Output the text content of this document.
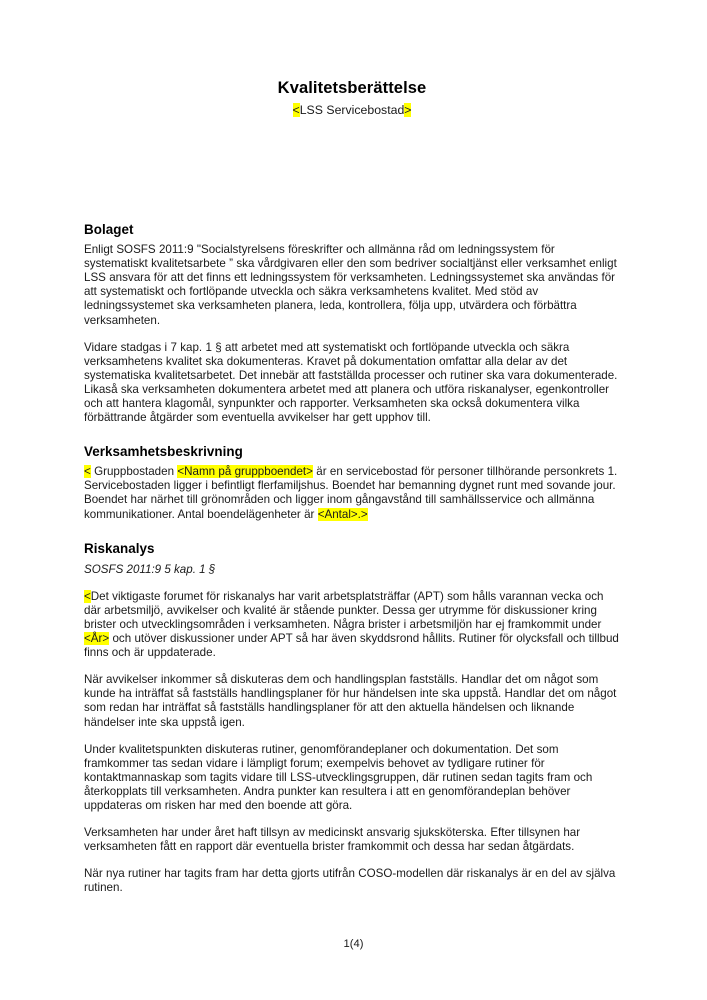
Kvalitetsberättelse
<LSS Servicebostad>
Bolaget

Enligt SOSFS 2011:9 "Socialstyrelsens föreskrifter och allmänna råd om ledningssystem för systematiskt kvalitetsarbete ” ska vårdgivaren eller den som bedriver socialtjänst eller verksamhet enligt LSS ansvara för att det finns ett ledningssystem för verksamheten. Ledningssystemet ska användas för att systematiskt och fortlöpande utveckla och säkra verksamhetens kvalitet. Med stöd av ledningssystemet ska verksamheten planera, leda, kontrollera, följa upp, utvärdera och förbättra verksamheten.

Vidare stadgas i 7 kap. 1 § att arbetet med att systematiskt och fortlöpande utveckla och säkra verksamhetens kvalitet ska dokumenteras. Kravet på dokumentation omfattar alla delar av det systematiska kvalitetsarbetet. Det innebär att fastställda processer och rutiner ska vara dokumenterade. Likaså ska verksamheten dokumentera arbetet med att planera och utföra riskanalyser, egenkontroller och att hantera klagomål, synpunkter och rapporter. Verksamheten ska också dokumentera vilka förbättrande åtgärder som eventuella avvikelser har gett upphov till.

Verksamhetsbeskrivning

< Gruppbostaden <Namn på gruppboendet> är en servicebostad för personer tillhörande personkrets 1. Servicebostaden ligger i befintligt flerfamiljshus. Boendet har bemanning dygnet runt med sovande jour. Boendet har närhet till grönområden och ligger inom gångavstånd till samhällsservice och allmänna kommunikationer. Antal boendelägenheter är <Antal>.>

Riskanalys

SOSFS 2011:9 5 kap. 1 §

<Det viktigaste forumet för riskanalys har varit arbetsplatsträffar (APT) som hålls varannan vecka och där arbetsmiljö, avvikelser och kvalité är stående punkter. Dessa ger utrymme för diskussioner kring brister och utvecklingsområden i verksamheten. Några brister i arbetsmiljön har ej framkommit under <År> och utöver diskussioner under APT så har även skyddsrond hållits. Rutiner för olycksfall och tillbud finns och är uppdaterade.

När avvikelser inkommer så diskuteras dem och handlingsplan fastställs. Handlar det om något som kunde ha inträffat så fastställs handlingsplaner för hur händelsen inte ska uppstå. Handlar det om något som redan har inträffat så fastställs handlingsplaner för att den aktuella händelsen och liknande händelser inte ska uppstå igen.

Under kvalitetspunkten diskuteras rutiner, genomförandeplaner och dokumentation. Det som framkommer tas sedan vidare i lämpligt forum; exempelvis behovet av tydligare rutiner för kontaktmannaskap som tagits vidare till LSS-utvecklingsgruppen, där rutinen sedan tagits fram och återkopplats till verksamheten. Andra punkter kan resultera i att en genomförandeplan behöver uppdateras om risken har med den boende att göra.

Verksamheten har under året haft tillsyn av medicinskt ansvarig sjuksköterska. Efter tillsynen har verksamheten fått en rapport där eventuella brister framkommit och dessa har sedan åtgärdats.

När nya rutiner har tagits fram har detta gjorts utifrån COSO-modellen där riskanalys är en del av själva rutinen.

1(4)
